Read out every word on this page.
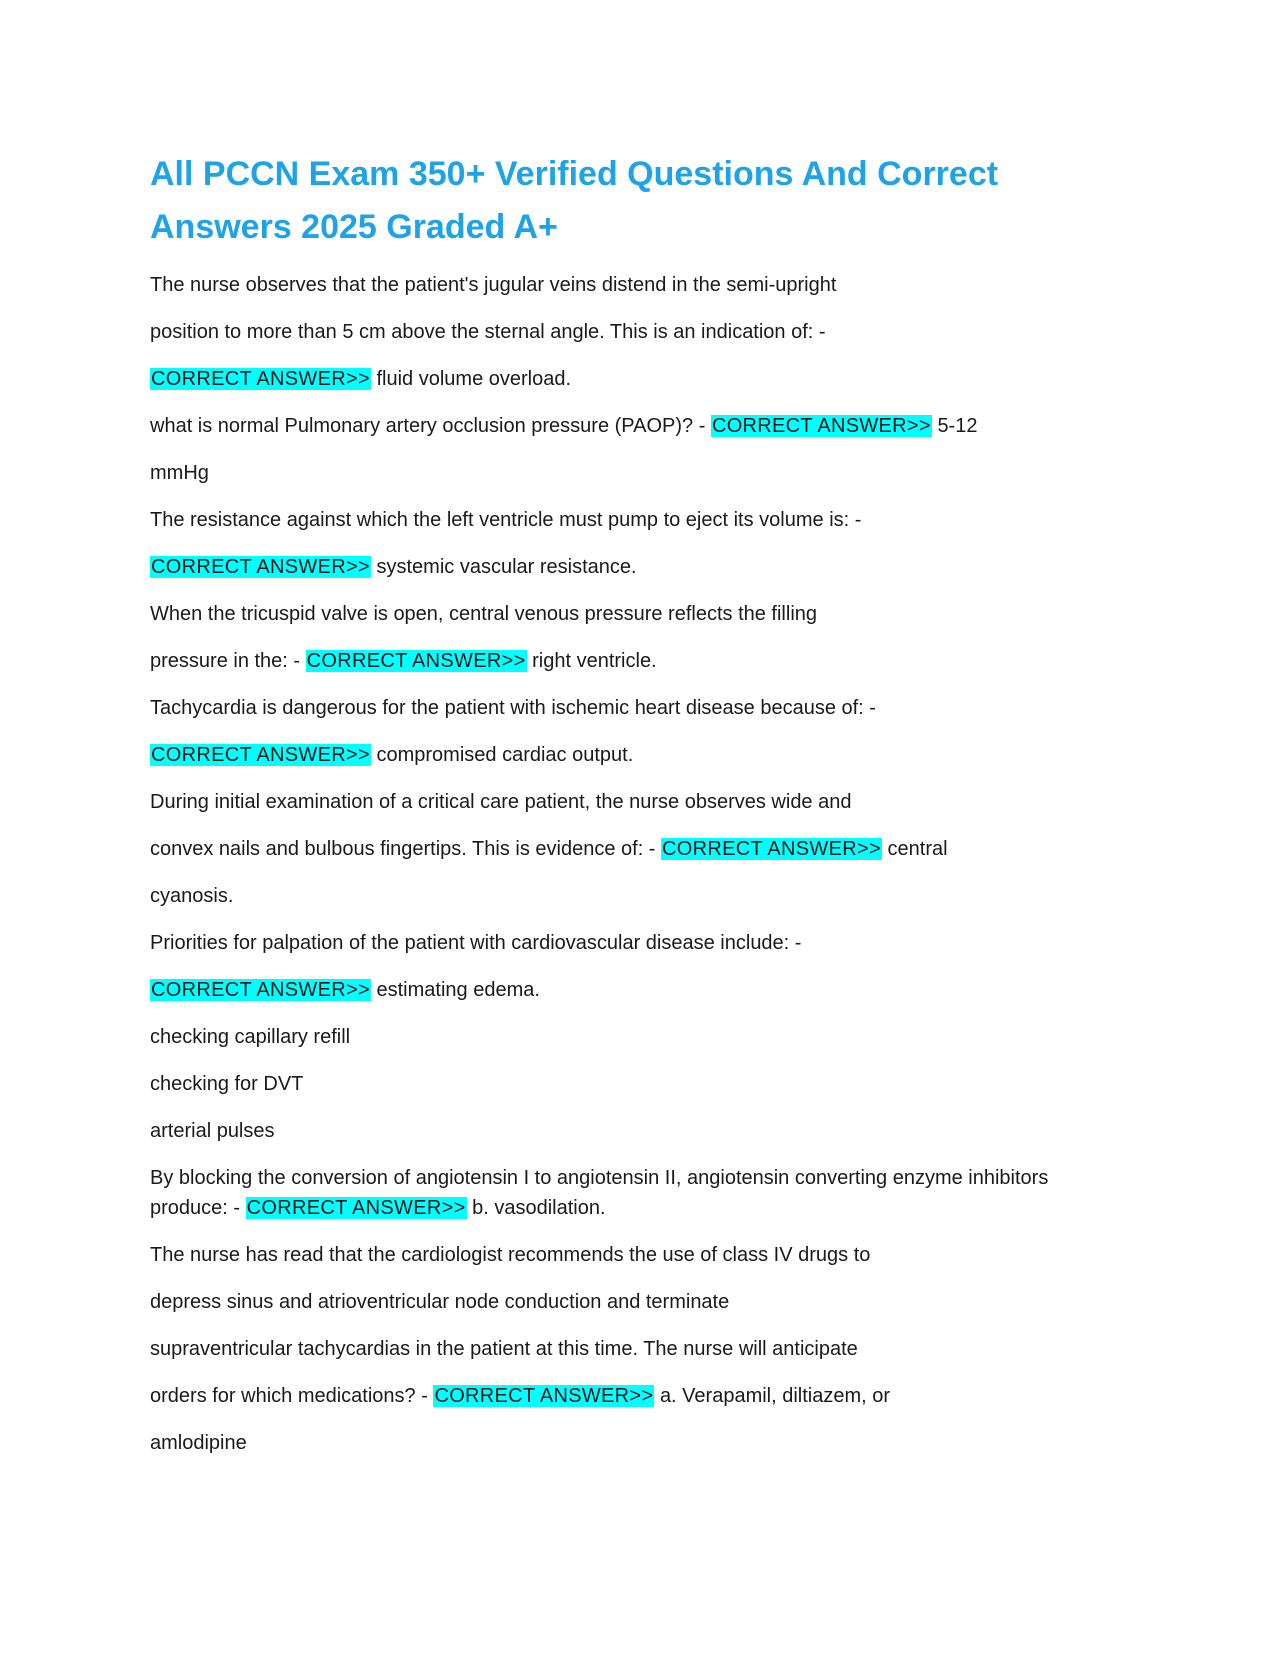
All PCCN Exam 350+ Verified Questions And Correct Answers 2025 Graded A+
The nurse observes that the patient's jugular veins distend in the semi-upright
position to more than 5 cm above the sternal angle. This is an indication of: -
CORRECT ANSWER>> fluid volume overload.
what is normal Pulmonary artery occlusion pressure (PAOP)? - CORRECT ANSWER>> 5-12
mmHg
The resistance against which the left ventricle must pump to eject its volume is: -
CORRECT ANSWER>> systemic vascular resistance.
When the tricuspid valve is open, central venous pressure reflects the filling
pressure in the: - CORRECT ANSWER>> right ventricle.
Tachycardia is dangerous for the patient with ischemic heart disease because of: -
CORRECT ANSWER>> compromised cardiac output.
During initial examination of a critical care patient, the nurse observes wide and
convex nails and bulbous fingertips. This is evidence of: - CORRECT ANSWER>> central
cyanosis.
Priorities for palpation of the patient with cardiovascular disease include: -
CORRECT ANSWER>> estimating edema.
checking capillary refill
checking for DVT
arterial pulses
By blocking the conversion of angiotensin I to angiotensin II, angiotensin converting enzyme inhibitors
produce: - CORRECT ANSWER>> b. vasodilation.
The nurse has read that the cardiologist recommends the use of class IV drugs to
depress sinus and atrioventricular node conduction and terminate
supraventricular tachycardias in the patient at this time. The nurse will anticipate
orders for which medications? - CORRECT ANSWER>> a. Verapamil, diltiazem, or
amlodipine
